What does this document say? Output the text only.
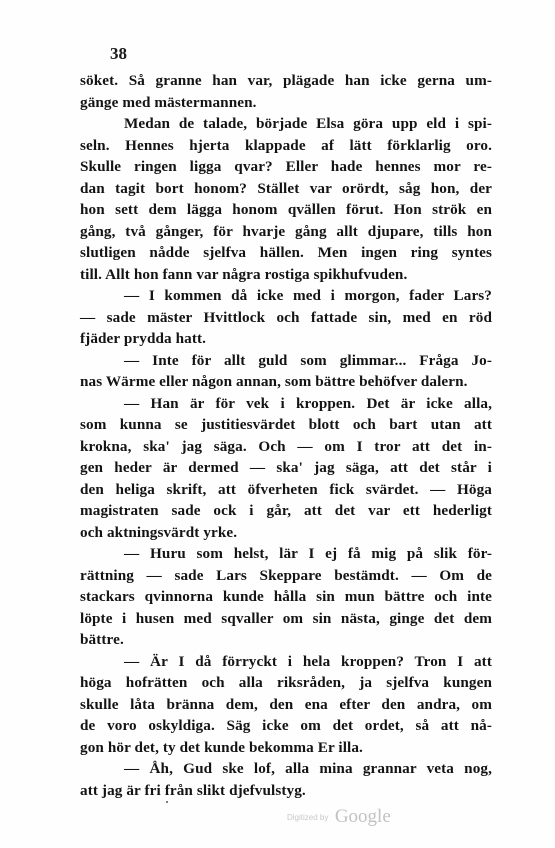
38
söket. Så granne han var, plägade han icke gerna um-
gänge med mästermannen.
Medan de talade, började Elsa göra upp eld i spi-
seln. Hennes hjerta klappade af lätt förklarlig oro.
Skulle ringen ligga qvar? Eller hade hennes mor re-
dan tagit bort honom? Stället var orördt, såg hon, der
hon sett dem lägga honom qvällen förut. Hon strök en
gång, två gånger, för hvarje gång allt djupare, tills hon
slutligen nådde sjelfva hällen. Men ingen ring syntes
till. Allt hon fann var några rostiga spikhufvuden.
— I kommen då icke med i morgon, fader Lars?
— sade mäster Hvittlock och fattade sin, med en röd
fjäder prydda hatt.
— Inte för allt guld som glimmar... Fråga Jo-
nas Wärme eller någon annan, som bättre behöfver dalern.
— Han är för vek i kroppen. Det är icke alla,
som kunna se justitiesvärdet blott och bart utan att
krokna, ska' jag säga. Och — om I tror att det in-
gen heder är dermed — ska' jag säga, att det står i
den heliga skrift, att öfverheten fick svärdet. — Höga
magistraten sade ock i går, att det var ett hederligt
och aktningsvärdt yrke.
— Huru som helst, lär I ej få mig på slik för-
rättning — sade Lars Skeppare bestämdt. — Om de
stackars qvinnorna kunde hålla sin mun bättre och inte
löpte i husen med sqvaller om sin nästa, ginge det dem
bättre.
— Är I då förryckt i hela kroppen? Tron I att
höga hofrätten och alla riksråden, ja sjelfva kungen
skulle låta bränna dem, den ena efter den andra, om
de voro oskyldiga. Säg icke om det ordet, så att nå-
gon hör det, ty det kunde bekomma Er illa.
— Åh, Gud ske lof, alla mina grannar veta nog,
att jag är fri från slikt djefvulstyg.
Digitized by Google
